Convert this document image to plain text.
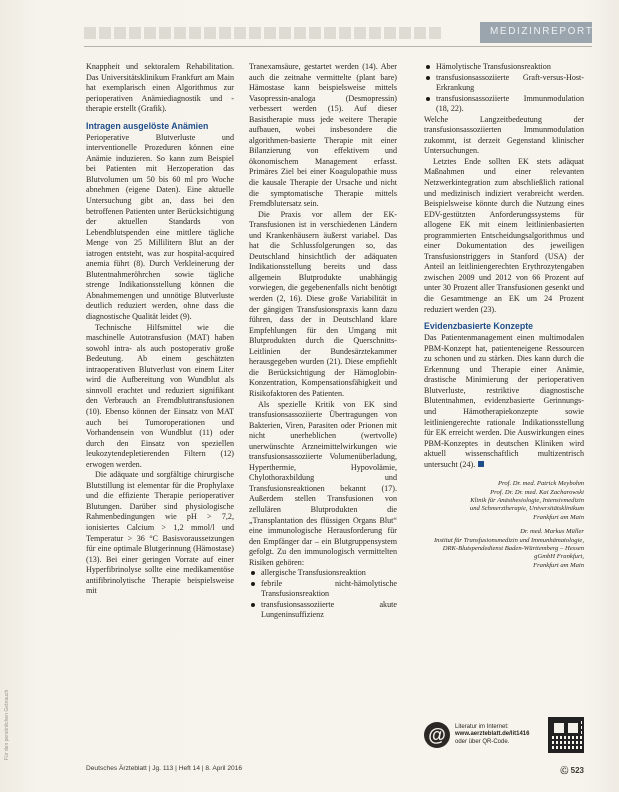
MEDIZINREPORT

Knappheit und sektoralem Rehabilitation. Das Universitätsklinikum Frankfurt am Main hat exemplarisch einen Algorithmus zur perioperativen Anämiediagnostik und -therapie erstellt (Grafik).

Intragen ausgelöste Anämien

Perioperative Blutverluste und interventionelle Prozeduren können eine Anämie induzieren. So kann zum Beispiel bei Patienten mit Herzoperation das Blutvolumen um 50 bis 60 ml pro Woche abnehmen (eigene Daten). Eine aktuelle Untersuchung gibt an, dass bei den betroffenen Patienten unter Berücksichtigung der aktuellen Standards von Lebendblutspenden eine mittlere tägliche Menge von 25 Millilitern Blut an der iatrogen entsteht, was zur hospital-acquired anemia führt (8). Durch Verkleinerung der Blutentnahmeröhrchen sowie tägliche strenge Indikationsstellung können die Abnahmemengen und unnötige Blutverluste deutlich reduziert werden, ohne dass die diagnostische Qualität leidet (9).

Technische Hilfsmittel wie die maschinelle Autotransfusion (MAT) haben sowohl intra- als auch postoperativ große Bedeutung. Ab einem geschätzten intraoperativen Blutverlust von einem Liter wird die Aufbereitung von Wundblut als sinnvoll erachtet und reduziert signifikant den Verbrauch an Fremdbluttransfusionen (10). Ebenso können der Einsatz von MAT auch bei Tumoroperationen und Vorhandensein von Wundblut (11) oder durch den Einsatz von speziellen leukozytendepletierenden Filtern (12) erwogen werden.

Die adäquate und sorgfältige chirurgische Blutstillung ist elementar für die Prophylaxe und die effiziente Therapie perioperativer Blutungen. Darüber sind physiologische Rahmenbedingungen wie pH > 7,2, ionisiertes Calcium > 1,2 mmol/l und Temperatur > 36 °C Basisvoraussetzungen für eine optimale Blutgerinnung (Hämostase) (13). Bei einer geringen Vorrate auf einer Hyperfibrinolyse sollte eine medikamentöse antifibrinolytische Therapie beispielsweise mit

Tranexamsäure, gestartet werden (14). Aber auch die zeitnahe vermittelte (plant bare) Hämostase kann beispielsweise mittels Vasopressin-analoga (Desmopressin) verbessert werden (15). Auf dieser Basistherapie muss jede weitere Therapie aufbauen, wobei insbesondere die algorithmen-basierte Therapie mit einer Bilanzierung von effektivem und ökonomischem Management erfasst. Primäres Ziel bei einer Koagulopathie muss die kausale Therapie der Ursache und nicht die symptomatische Therapie mittels Fremdblutersatz sein.

Die Praxis vor allem der EK-Transfusionen ist in verschiedenen Ländern und Krankenhäusern äußerst variabel. Das hat die Schlussfolgerungen so, das Deutschland hinsichtlich der adäquaten Indikationsstellung bereits und dass allgemein Blutprodukte unabhängig vorwiegen, die gegebenenfalls nicht benötigt werden (2, 16). Diese große Variabilität in der gängigen Transfusionspraxis kann dazu führen, dass der in Deutschland klare Empfehlungen für den Umgang mit Blutprodukten durch die Querschnitts-Leitlinien der Bundesärztekammer herausgegeben wurden (21). Diese empfiehlt die Berücksichtigung der Hämoglobin-Konzentration, Kompensationsfähigkeit und Risikofaktoren des Patienten.

Als spezielle Kritik von EK sind transfusionsassoziierte Übertragungen von Bakterien, Viren, Parasiten oder Prionen mit nicht unerheblichen (wertvolle) unerwünschte Arzneimittelwirkungen wie transfusionsassoziierte Volumenüberladung, Hyperthermie, Hypovolämie, Chylothoraxbildung und Transfusionsreaktionen bekannt (17). Außerdem stellen Transfusionen von zellulären Blutprodukten die „Transplantation des flüssigen Organs Blut“ eine immunologische Herausforderung für den Empfänger dar – ein Blutgruppensystem gefolgt. Zu den immunologisch vermittelten Risiken gehören:

allergische Transfusionsreaktion
febrile nicht-hämolytische Transfusionsreaktion
transfusionsassoziierte akute Lungeninsuffizienz
Hämolytische Transfusionsreaktion
transfusionsassoziierte Graft-versus-Host-Erkrankung
transfusionsassoziierte Immunmodulation (18, 22).

Welche Langzeitbedeutung der transfusionsassoziierten Immunmodulation zukommt, ist derzeit Gegenstand klinischer Untersuchungen.

Letztes Ende sollten EK stets adäquat Maßnahmen und einer relevanten Netzwerkintegration zum abschließlich rational und medizinisch indiziert verabreicht werden. Beispielsweise könnte durch die Nutzung eines EDV-gestützten Anforderungssystems für allogene EK mit einem leitlinienbasierten programmierten Entscheidungsalgorithmus und einer Dokumentation des jeweiligen Transfusionstriggers in Stanford (USA) der Anteil an leitliniengerechten Erythrozytengaben zwischen 2009 und 2012 von 66 Prozent auf unter 30 Prozent aller Transfusionen gesenkt und die Gesamtmenge an EK um 24 Prozent reduziert werden (23).

Evidenzbasierte Konzepte

Das Patientenmanagement einen multimodalen PBM-Konzept hat, patienteneigene Ressourcen zu schonen und zu stärken. Dies kann durch die Erkennung und Therapie einer Anämie, drastische Minimierung der perioperativen Blutverluste, restriktive diagnostische Blutentnahmen, evidenzbasierte Gerinnungs- und Hämotherapiekonzepte sowie leitliniengerechte rationale Indikationsstellung für EK erreicht werden. Die Auswirkungen eines PBM-Konzeptes in deutschen Kliniken wird aktuell wissenschaftlich multizentrisch untersucht (24).

Prof. Dr. med. Patrick Meybohm
Prof. Dr. Dr. med. Kai Zacharowski
Klinik für Anästhesiologie, Intensivmedizin
und Schmerztherapie, Universitätsklinikum
Frankfurt am Main
Dr. med. Markus Müller
Institut für Transfusionsmedizin und Immunhämatologie, DRK-Blutspendedienst Baden-Württemberg – Hessen gGmbH Frankfurt,
Frankfurt am Main
@	Literatur im Internet:
www.aerzteblatt.de/lit1416
oder über QR-Code.
Deutsches Ärzteblatt | Jg. 113 | Heft 14 | 8. April 2016	Ⓒ 523
Für den persönlichen Gebrauch
